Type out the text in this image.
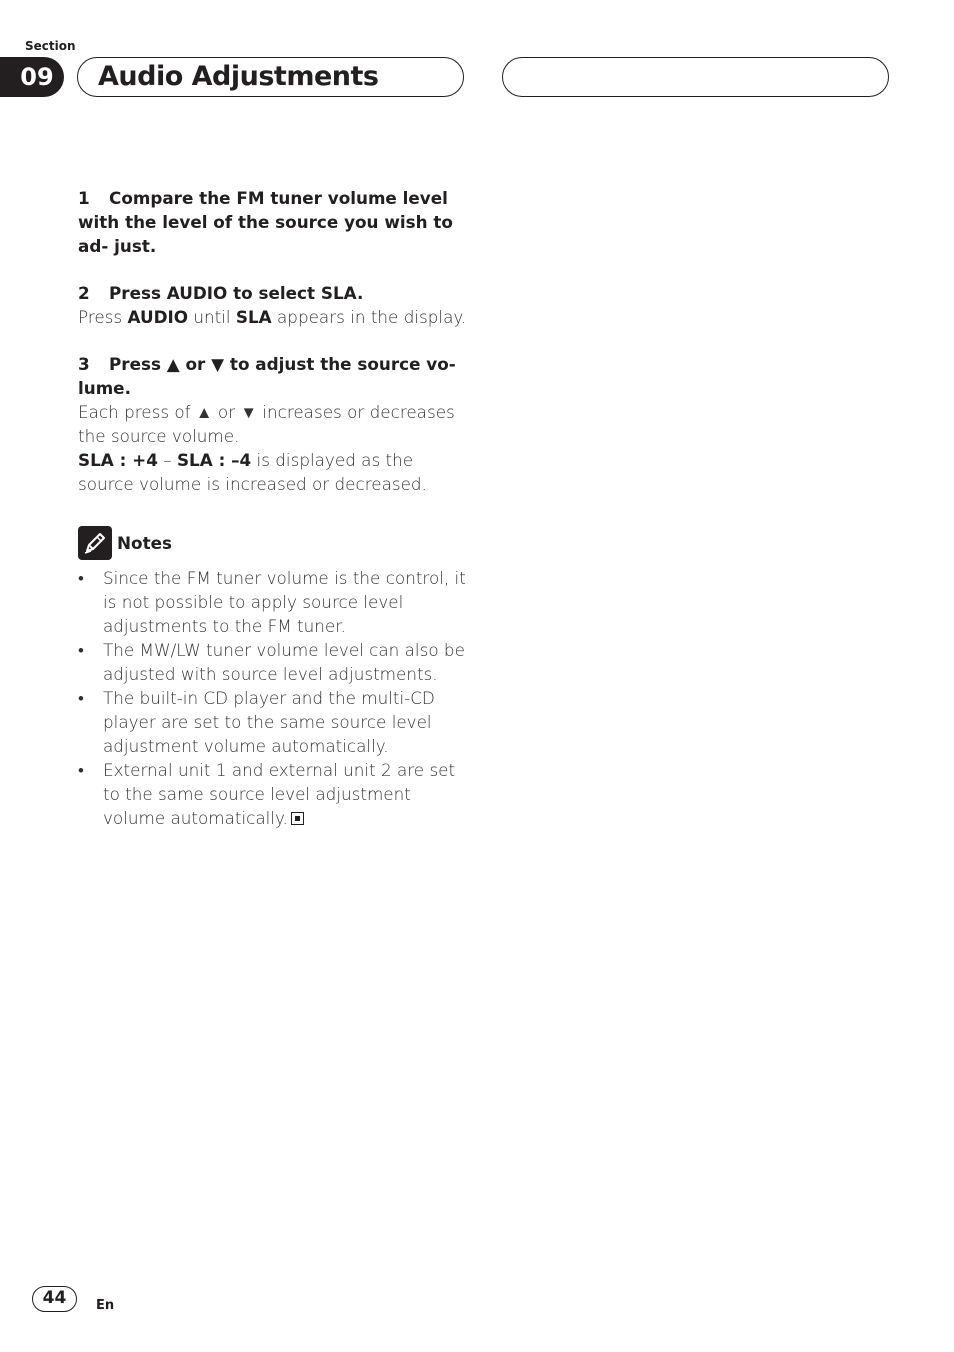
Section
09	Audio Adjustments

1 Compare the FM tuner volume level with the level of the source you wish to ad- just.

2 Press AUDIO to select SLA.

Press AUDIO until SLA appears in the display.

3 Press ▲ or ▼ to adjust the source vo- lume.

Each press of ▲ or ▼ increases or decreases the source volume.

SLA : +4 – SLA : –4 is displayed as the source volume is increased or decreased.

Notes
• Since the FM tuner volume is the control, it is not possible to apply source level adjustments to the FM tuner.
• The MW/LW tuner volume level can also be adjusted with source level adjustments.
• The built-in CD player and the multi-CD player are set to the same source level adjustment volume automatically.
• External unit 1 and external unit 2 are set to the same source level adjustment volume automatically.
44	En
